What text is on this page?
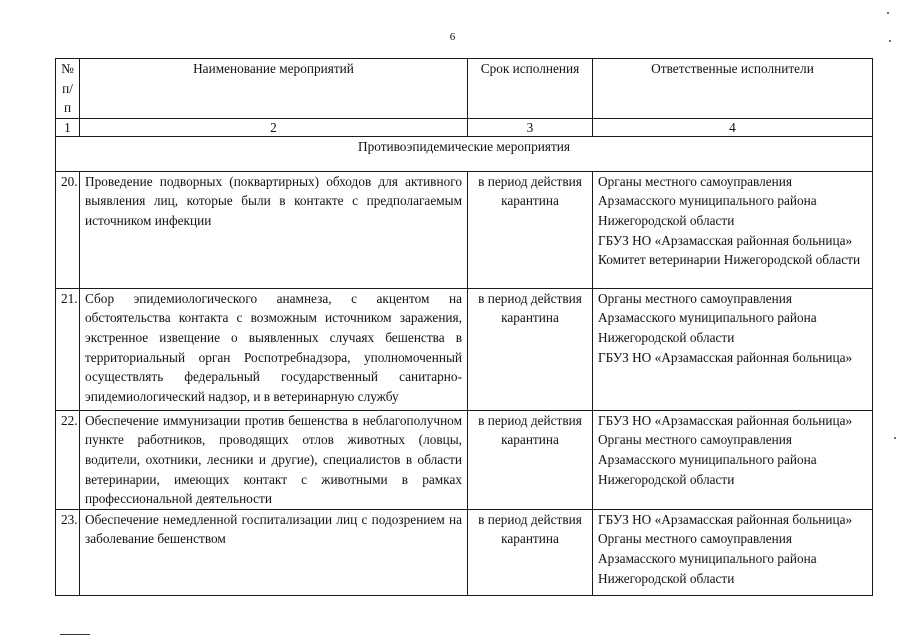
6
№ п/п	Наименование мероприятий	Срок исполнения	Ответственные исполнители
1	2	3	4
Противоэпидемические мероприятия			
20.	Проведение подворных (поквартирных) обходов для активного выявления лиц, которые были в контакте с предполагаемым источником инфекции	в период действия карантина	Органы местного самоуправления Арзамасского муниципального района Нижегородской области
ГБУЗ НО «Арзамасская районная больница»
Комитет ветеринарии Нижегородской области

21.	Сбор эпидемиологического анамнеза, с акцентом на обстоятельства контакта с возможным источником заражения, экстренное извещение о выявленных случаях бешенства в территориальный орган Роспотребнадзора, уполномоченный осуществлять федеральный государственный санитарно-эпидемиологический надзор, и в ветеринарную службу	в период действия карантина	Органы местного самоуправления Арзамасского муниципального района Нижегородской области
ГБУЗ НО «Арзамасская районная больница»

22.	Обеспечение иммунизации против бешенства в неблагополучном пункте работников, проводящих отлов животных (ловцы, водители, охотники, лесники и другие), специалистов в области ветеринарии, имеющих контакт с животными в рамках профессиональной деятельности	в период действия карантина	ГБУЗ НО «Арзамасская районная больница»
Органы местного самоуправления Арзамасского муниципального района Нижегородской области

23.	Обеспечение немедленной госпитализации лиц с подозрением на заболевание бешенством	в период действия карантина	ГБУЗ НО «Арзамасская районная больница»
Органы местного самоуправления Арзамасского муниципального района Нижегородской области
